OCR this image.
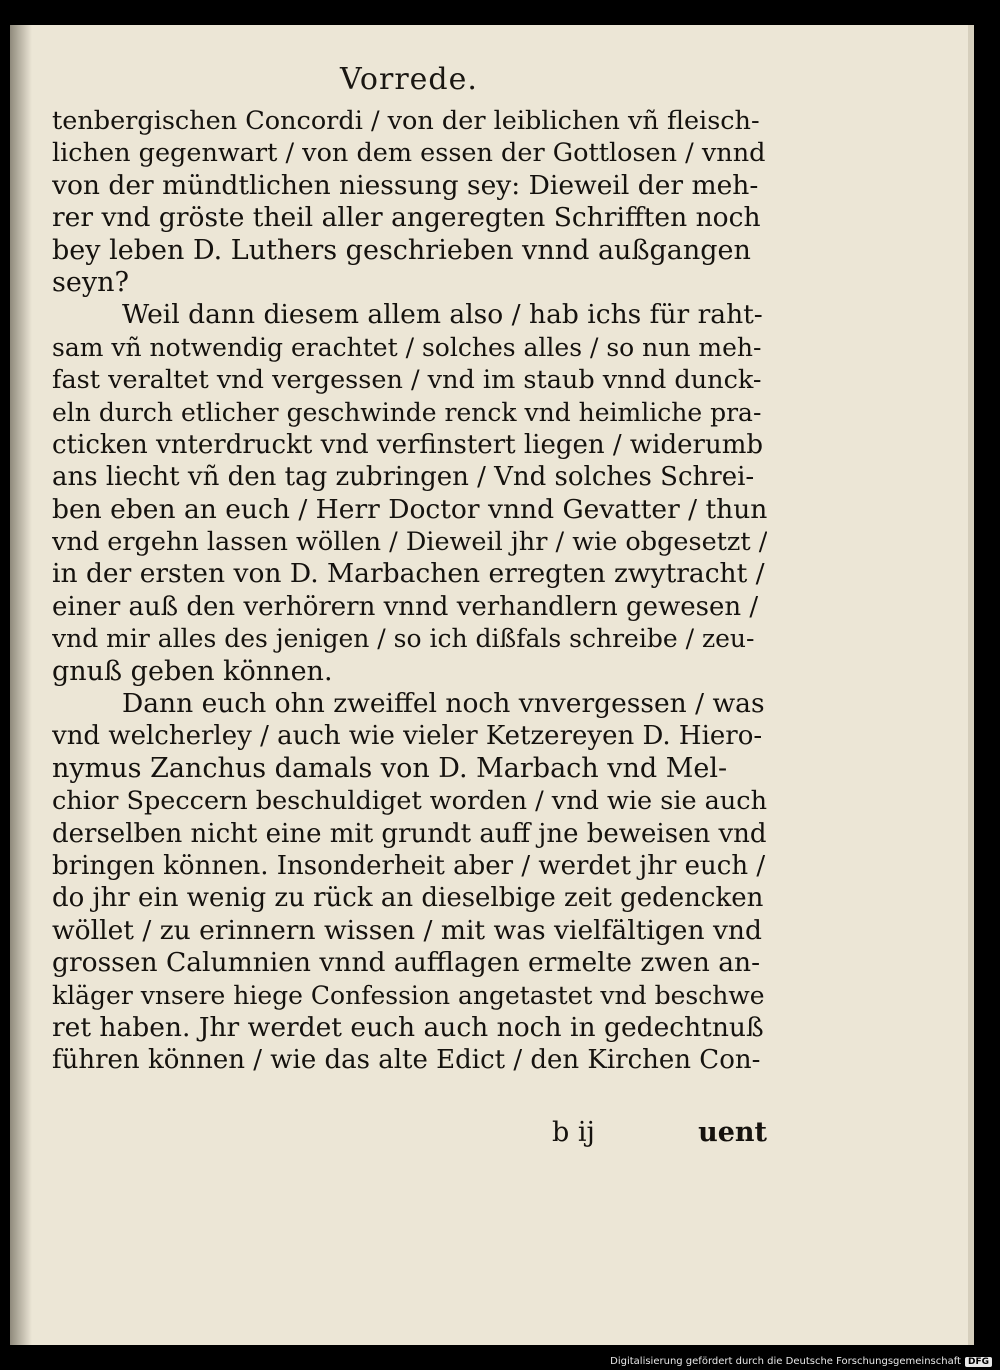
Vorrede.
tenbergischen Concordi / von der leiblichen vñ fleisch-
lichen gegenwart / von dem essen der Gottlosen / vnnd
von der mündtlichen niessung sey: Dieweil der meh-
rer vnd gröste theil aller angeregten Schrifften noch
bey leben D. Luthers geschrieben vnnd außgangen
seyn?
Weil dann diesem allem also / hab ichs für raht-
sam vñ notwendig erachtet / solches alles / so nun meh-
fast veraltet vnd vergessen / vnd im staub vnnd dunck-
eln durch etlicher geschwinde renck vnd heimliche pra-
cticken vnterdruckt vnd verfinstert liegen / widerumb
ans liecht vñ den tag zubringen / Vnd solches Schrei-
ben eben an euch / Herr Doctor vnnd Gevatter / thun
vnd ergehn lassen wöllen / Dieweil jhr / wie obgesetzt /
in der ersten von D. Marbachen erregten zwytracht /
einer auß den verhörern vnnd verhandlern gewesen /
vnd mir alles des jenigen / so ich dißfals schreibe / zeu-
gnuß geben können.
Dann euch ohn zweiffel noch vnvergessen / was
vnd welcherley / auch wie vieler Ketzereyen D. Hiero-
nymus Zanchus damals von D. Marbach vnd Mel-
chior Speccern beschuldiget worden / vnd wie sie auch
derselben nicht eine mit grundt auff jne beweisen vnd
bringen können. Insonderheit aber / werdet jhr euch /
do jhr ein wenig zu rück an dieselbige zeit gedencken
wöllet / zu erinnern wissen / mit was vielfältigen vnd
grossen Calumnien vnnd aufflagen ermelte zwen an-
kläger vnsere hiege Confession angetastet vnd beschwe
ret haben. Jhr werdet euch auch noch in gedechtnuß
führen können / wie das alte Edict / den Kirchen Con-
b ij	uent
Digitalisierung gefördert durch die Deutsche Forschungsgemeinschaft DFG
